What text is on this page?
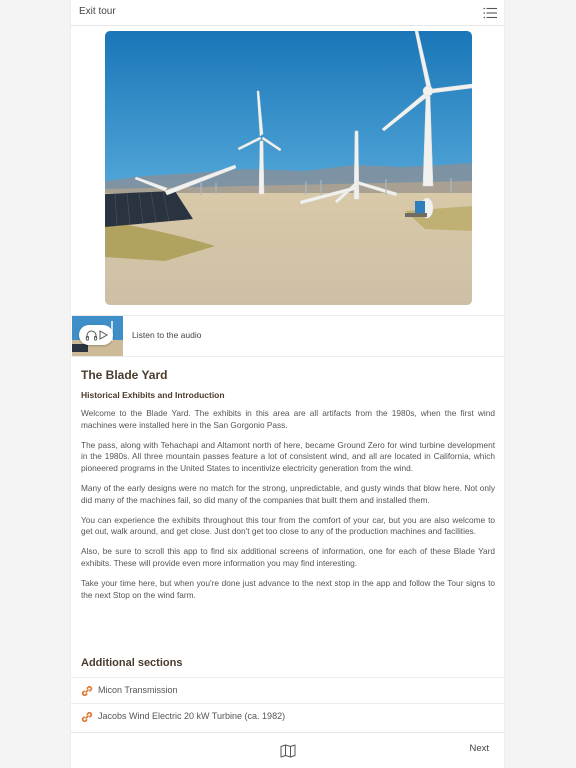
Exit tour
Listen to the audio
The Blade Yard
Historical Exhibits and Introduction

Welcome to the Blade Yard. The exhibits in this area are all artifacts from the 1980s, when the first wind machines were installed here in the San Gorgonio Pass.

The pass, along with Tehachapi and Altamont north of here, became Ground Zero for wind turbine development in the 1980s. All three mountain passes feature a lot of consistent wind, and all are located in California, which pioneered programs in the United States to incentivize electricity generation from the wind.

Many of the early designs were no match for the strong, unpredictable, and gusty winds that blow here. Not only did many of the machines fail, so did many of the companies that built them and installed them.

You can experience the exhibits throughout this tour from the comfort of your car, but you are also welcome to get out, walk around, and get close. Just don't get too close to any of the production machines and facilities.

Also, be sure to scroll this app to find six additional screens of information, one for each of these Blade Yard exhibits. These will provide even more information you may find interesting.

Take your time here, but when you're done just advance to the next stop in the app and follow the Tour signs to the next Stop on the wind farm.

Additional sections
Micon Transmission
Jacobs Wind Electric 20 kW Turbine (ca. 1982)
Next
